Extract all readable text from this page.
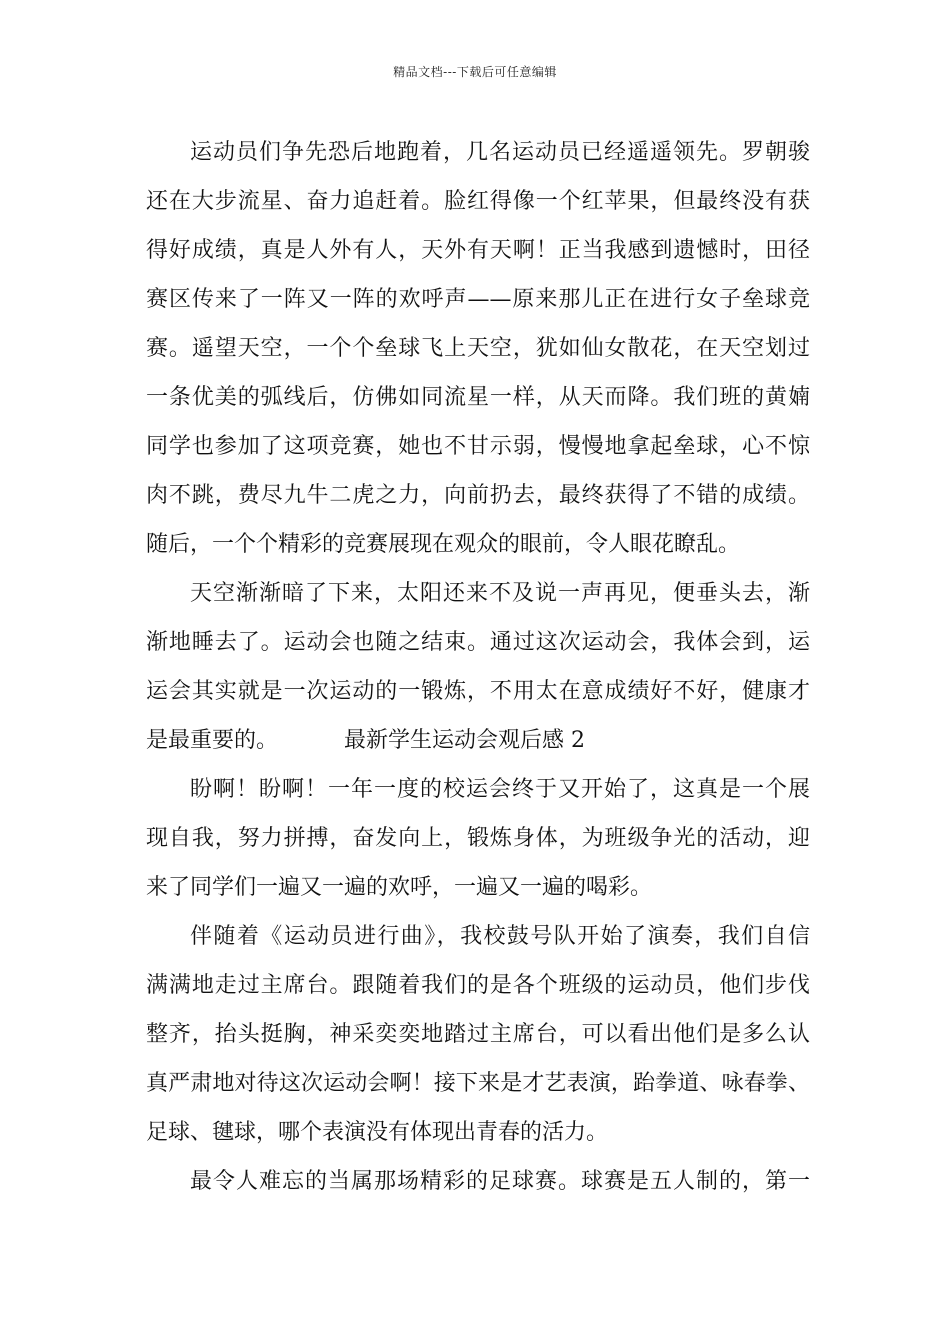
精品文档---下载后可任意编辑
运动员们争先恐后地跑着，几名运动员已经遥遥领先。罗朝骏
还在大步流星、奋力追赶着。脸红得像一个红苹果，但最终没有获
得好成绩，真是人外有人，天外有天啊！正当我感到遗憾时，田径
赛区传来了一阵又一阵的欢呼声——原来那儿正在进行女子垒球竞
赛。遥望天空，一个个垒球飞上天空，犹如仙女散花，在天空划过
一条优美的弧线后，仿佛如同流星一样，从天而降。我们班的黄婻
同学也参加了这项竞赛，她也不甘示弱，慢慢地拿起垒球，心不惊
肉不跳，费尽九牛二虎之力，向前扔去，最终获得了不错的成绩。
随后，一个个精彩的竞赛展现在观众的眼前，令人眼花瞭乱。
天空渐渐暗了下来，太阳还来不及说一声再见，便垂头去，渐
渐地睡去了。运动会也随之结束。通过这次运动会，我体会到，运
运会其实就是一次运动的一锻炼，不用太在意成绩好不好，健康才
是最重要的。	最新学生运动会观后感 2
盼啊！盼啊！一年一度的校运会终于又开始了，这真是一个展
现自我，努力拼搏，奋发向上，锻炼身体，为班级争光的活动，迎
来了同学们一遍又一遍的欢呼，一遍又一遍的喝彩。
伴随着《运动员进行曲》，我校鼓号队开始了演奏，我们自信
满满地走过主席台。跟随着我们的是各个班级的运动员，他们步伐
整齐，抬头挺胸，神采奕奕地踏过主席台，可以看出他们是多么认
真严肃地对待这次运动会啊！接下来是才艺表演，跆拳道、咏春拳、
足球、毽球，哪个表演没有体现出青春的活力。
最令人难忘的当属那场精彩的足球赛。球赛是五人制的，第一
